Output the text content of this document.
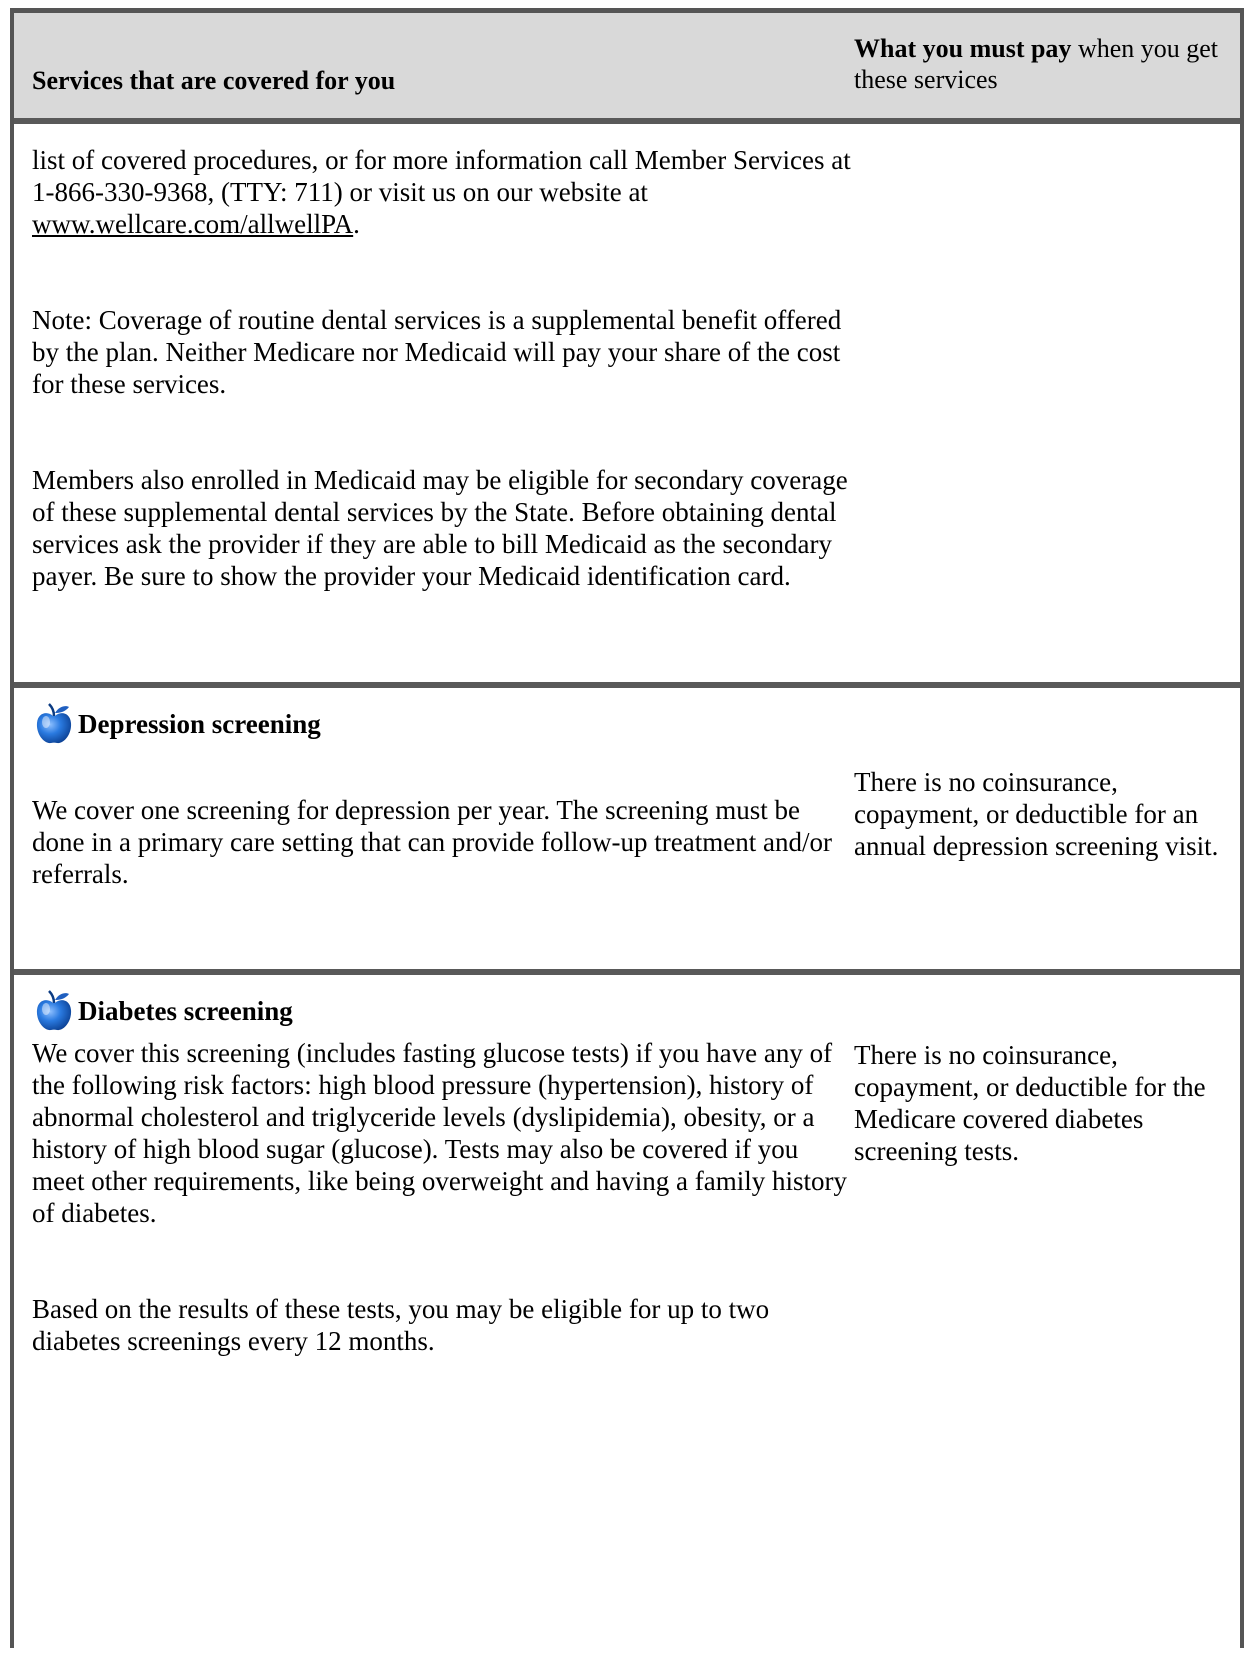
Services that are covered for you
What you must pay when you get these services

list of covered procedures, or for more information call Member Services at 1-866-330-9368, (TTY: 711) or visit us on our website at www.wellcare.com/allwellPA.

Note: Coverage of routine dental services is a supplemental benefit offered by the plan. Neither Medicare nor Medicaid will pay your share of the cost for these services.

Members also enrolled in Medicaid may be eligible for secondary coverage of these supplemental dental services by the State. Before obtaining dental services ask the provider if they are able to bill Medicaid as the secondary payer. Be sure to show the provider your Medicaid identification card.

Depression screening

We cover one screening for depression per year. The screening must be done in a primary care setting that can provide follow-up treatment and/or referrals.

There is no coinsurance, copayment, or deductible for an annual depression screening visit.

Diabetes screening

We cover this screening (includes fasting glucose tests) if you have any of the following risk factors: high blood pressure (hypertension), history of abnormal cholesterol and triglyceride levels (dyslipidemia), obesity, or a history of high blood sugar (glucose). Tests may also be covered if you meet other requirements, like being overweight and having a family history of diabetes.

Based on the results of these tests, you may be eligible for up to two diabetes screenings every 12 months.

There is no coinsurance, copayment, or deductible for the Medicare covered diabetes screening tests.
